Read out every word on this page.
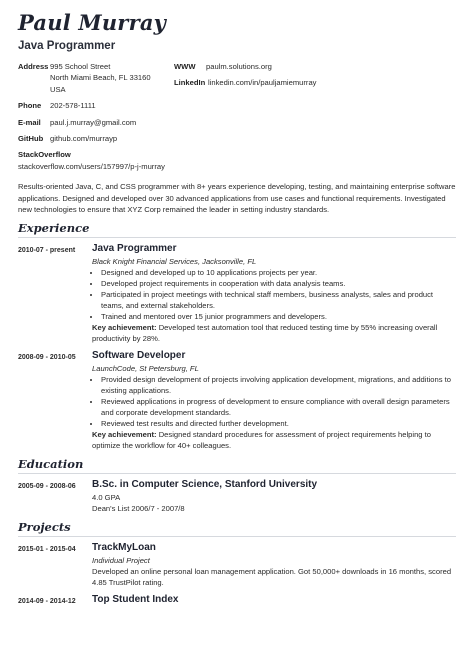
Paul Murray
Java Programmer
Address 995 School Street
North Miami Beach, FL 33160
USA
Phone	202-578-1111
E-mail	paul.j.murray@gmail.com
GitHub github.com/murrayp
StackOverflow
stackoverflow.com/users/157997/p-j-murray
WWW	paulm.solutions.org
LinkedIn linkedin.com/in/pauljamiemurray
Results-oriented Java, C, and CSS programmer with 8+ years experience developing, testing, and maintaining enterprise software applications. Designed and developed over 30 advanced applications from use cases and functional requirements. Investigated new technologies to ensure that XYZ Corp remained the leader in setting industry standards.
Experience
2010-07 - present	Java Programmer
Black Knight Financial Services, Jacksonville, FL
• Designed and developed up to 10 applications projects per year.
• Developed project requirements in cooperation with data analysis teams.
• Participated in project meetings with technical staff members, business analysts, sales and product teams, and external stakeholders.
• Trained and mentored over 15 junior programmers and developers.
Key achievement: Developed test automation tool that reduced testing time by 55% increasing overall productivity by 28%.
2008-09 - 2010-05	Software Developer
LaunchCode, St Petersburg, FL
• Provided design development of projects involving application development, migrations, and additions to existing applications.
• Reviewed applications in progress of development to ensure compliance with overall design parameters and corporate development standards.
• Reviewed test results and directed further development.
Key achievement: Designed standard procedures for assessment of project requirements helping to optimize the workflow for 40+ colleagues.
Education
2005-09 - 2008-06	B.Sc. in Computer Science, Stanford University
4.0 GPA
Dean's List 2006/7 - 2007/8
Projects
2015-01 - 2015-04	TrackMyLoan
Individual Project
Developed an online personal loan management application. Got 50,000+ downloads in 16 months, scored 4.85 TrustPilot rating.
2014-09 - 2014-12	Top Student Index
